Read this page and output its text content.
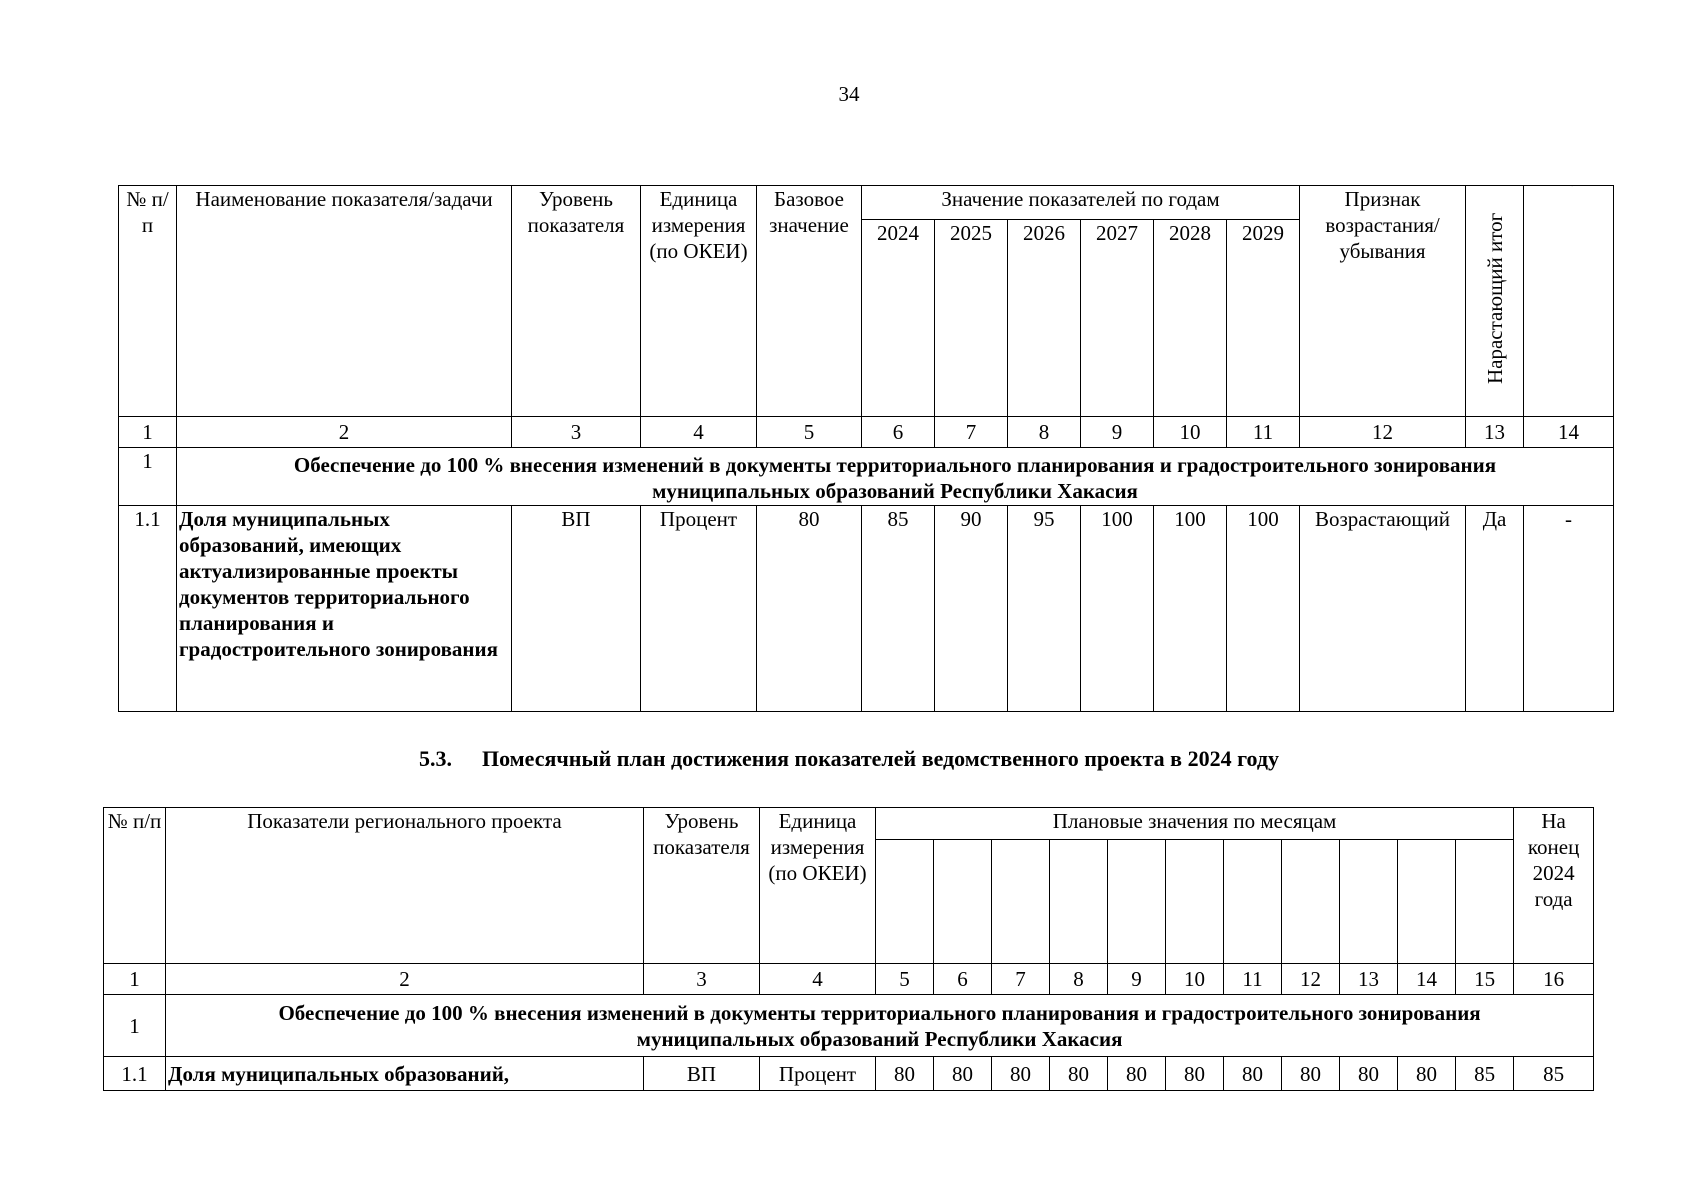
34
№ п/п	Наименование показателя/задачи	Уровень показателя	Единица измерения (по ОКЕИ)	Базовое значение	Значение показателей по годам						Признак возрастания/ убывания	Нарастающий итог

					2024	2025	2026	2027	2028	2029			
1	2	3	4	5	6	7	8	9	10	11	12	13	14
1	Обеспечение до 100 % внесения изменений в документы территориального планирования и градостроительного зонирования муниципальных образований Республики Хакасия												
1.1	Доля муниципальных образований, имеющих актуализированные проекты документов территориального планирования и градостроительного зонирования	ВП	Процент	80	85	90	95	100	100	100	Возрастающий	Да	-
5.3. Помесячный план достижения показателей ведомственного проекта в 2024 году
№ п/п	Показатели регионального проекта	Уровень показателя	Единица измерения (по ОКЕИ)	Плановые значения по месяцам											На конец 2024 года

1	2	3	4	5	6	7	8	9	10	11	12	13	14	15	16
1	Обеспечение до 100 % внесения изменений в документы территориального планирования и градостроительного зонирования муниципальных образований Республики Хакасия														
1.1	Доля муниципальных образований,	ВП	Процент	80	80	80	80	80	80	80	80	80	80	85	85
